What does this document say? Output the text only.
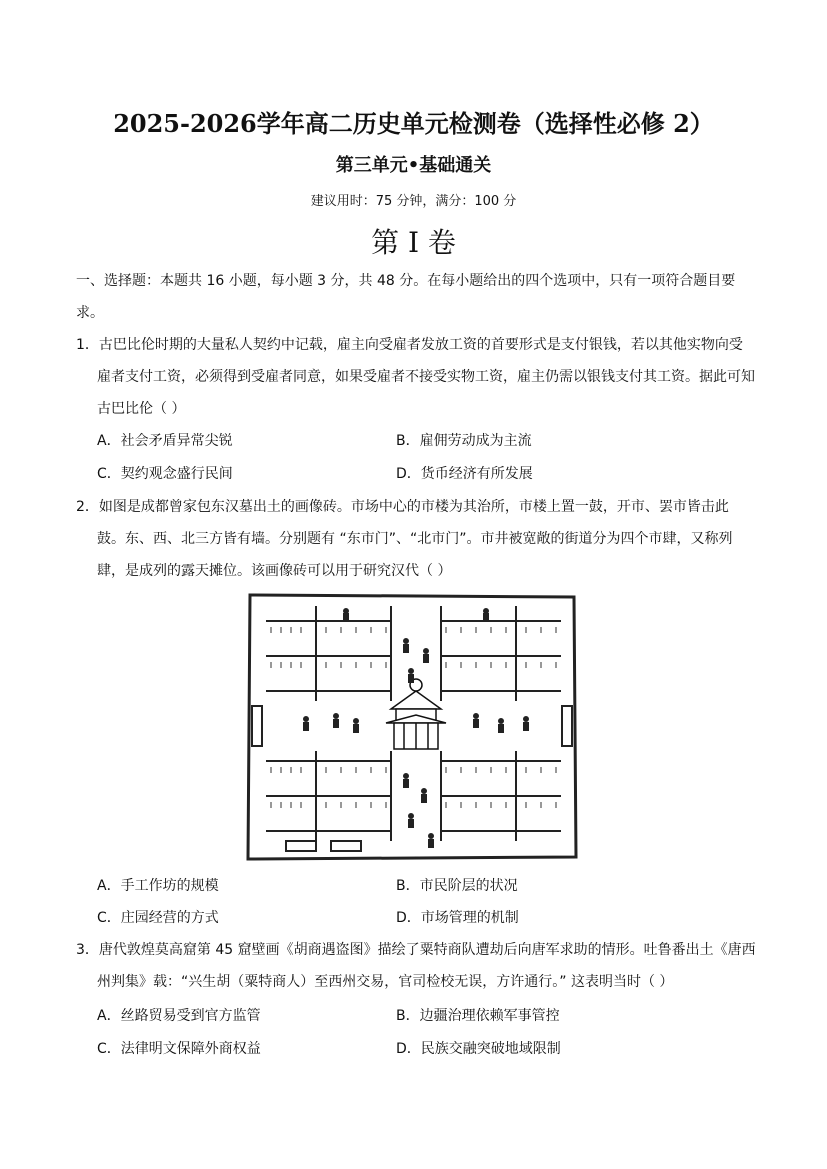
2025-2026学年高二历史单元检测卷（选择性必修 2）
第三单元•基础通关
建议用时：75 分钟，满分：100 分
第 I 卷
一、选择题：本题共 16 小题，每小题 3 分，共 48 分。在每小题给出的四个选项中，只有一项符合题目要求。
1．古巴比伦时期的大量私人契约中记载，雇主向受雇者发放工资的首要形式是支付银钱，若以其他实物向受雇者支付工资，必须得到受雇者同意，如果受雇者不接受实物工资，雇主仍需以银钱支付其工资。据此可知古巴比伦（ ）
A．社会矛盾异常尖锐	B．雇佣劳动成为主流
C．契约观念盛行民间	D．货币经济有所发展
2．如图是成都曾家包东汉墓出土的画像砖。市场中心的市楼为其治所，市楼上置一鼓，开市、罢市皆击此鼓。东、西、北三方皆有墙。分别题有 “东市门”、“北市门”。市井被宽敞的街道分为四个市肆，又称列肆，是成列的露天摊位。该画像砖可以用于研究汉代（ ）
A．手工作坊的规模	B．市民阶层的状况
C．庄园经营的方式	D．市场管理的机制
3．唐代敦煌莫高窟第 45 窟壁画《胡商遇盗图》描绘了粟特商队遭劫后向唐军求助的情形。吐鲁番出土《唐西州判集》载：“兴生胡（粟特商人）至西州交易，官司检校无误，方许通行。” 这表明当时（ ）
A．丝路贸易受到官方监管	B．边疆治理依赖军事管控
C．法律明文保障外商权益	D．民族交融突破地域限制
